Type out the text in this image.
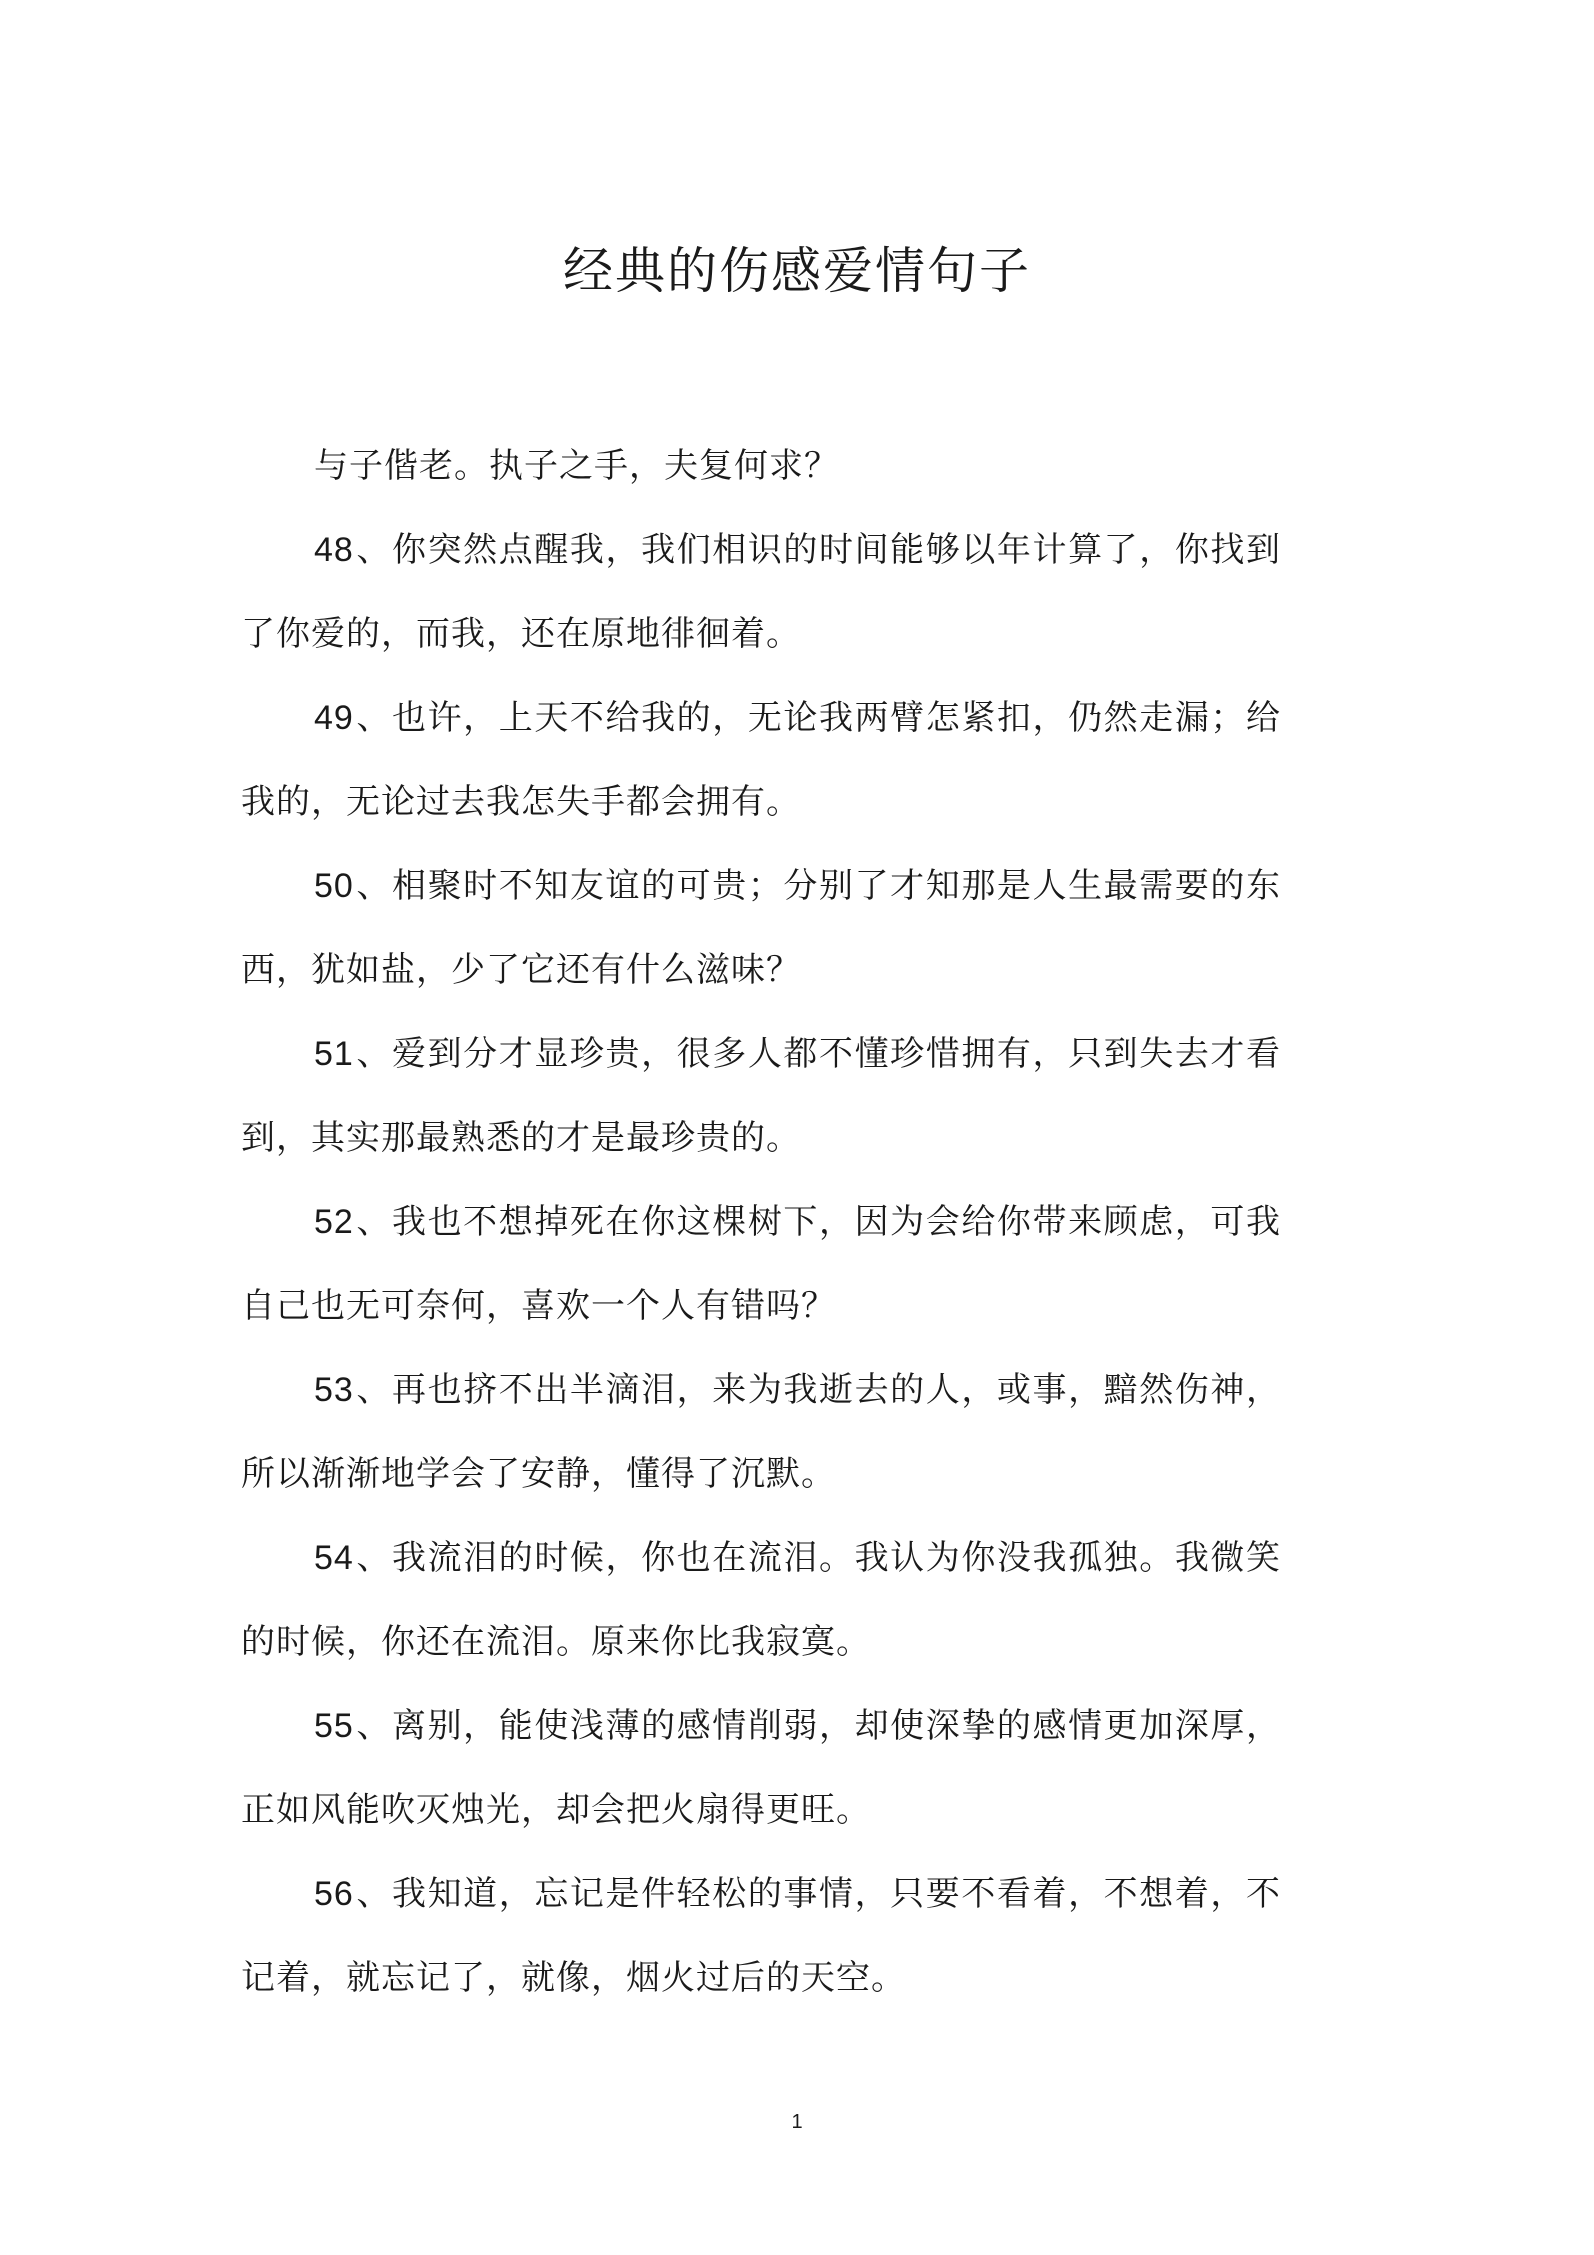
经典的伤感爱情句子

与子偕老。执子之手，夫复何求？

48、你突然点醒我，我们相识的时间能够以年计算了，你找到了你爱的，而我，还在原地徘徊着。

49、也许，上天不给我的，无论我两臂怎紧扣，仍然走漏；给我的，无论过去我怎失手都会拥有。

50、相聚时不知友谊的可贵；分别了才知那是人生最需要的东西，犹如盐，少了它还有什么滋味？

51、爱到分才显珍贵，很多人都不懂珍惜拥有，只到失去才看到，其实那最熟悉的才是最珍贵的。

52、我也不想掉死在你这棵树下，因为会给你带来顾虑，可我自己也无可奈何，喜欢一个人有错吗？

53、再也挤不出半滴泪，来为我逝去的人，或事，黯然伤神，所以渐渐地学会了安静，懂得了沉默。

54、我流泪的时候，你也在流泪。我认为你没我孤独。我微笑的时候，你还在流泪。原来你比我寂寞。

55、离别，能使浅薄的感情削弱，却使深挚的感情更加深厚，正如风能吹灭烛光，却会把火扇得更旺。

56、我知道，忘记是件轻松的事情，只要不看着，不想着，不记着，就忘记了，就像，烟火过后的天空。

1
